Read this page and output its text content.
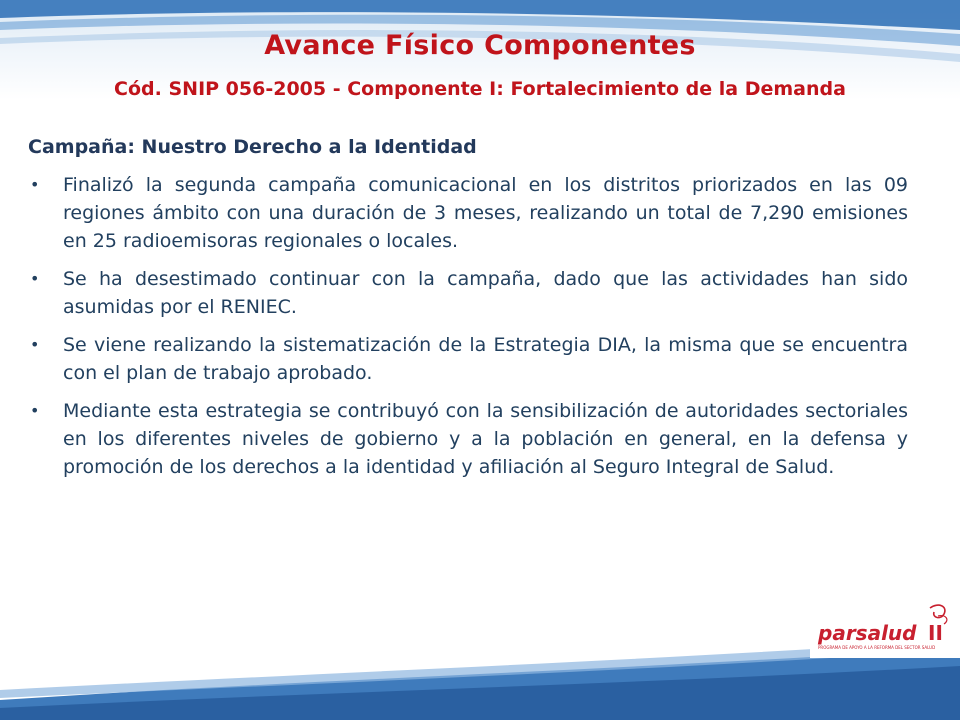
Avance Físico Componentes
Cód. SNIP 056-2005 - Componente I: Fortalecimiento de la Demanda
Campaña: Nuestro Derecho a la Identidad
• Finalizó la segunda campaña comunicacional en los distritos priorizados en las 09 regiones ámbito con una duración de 3 meses, realizando un total de 7,290 emisiones en 25 radioemisoras regionales o locales.
• Se ha desestimado continuar con la campaña, dado que las actividades han sido asumidas por el RENIEC.
• Se viene realizando la sistematización de la Estrategia DIA, la misma que se encuentra con el plan de trabajo aprobado.
• Mediante esta estrategia se contribuyó con la sensibilización de autoridades sectoriales en los diferentes niveles de gobierno y a la población en general, en la defensa y promoción de los derechos a la identidad y afiliación al Seguro Integral de Salud.
parsalud II
PROGRAMA DE APOYO A LA REFORMA DEL SECTOR SALUD
